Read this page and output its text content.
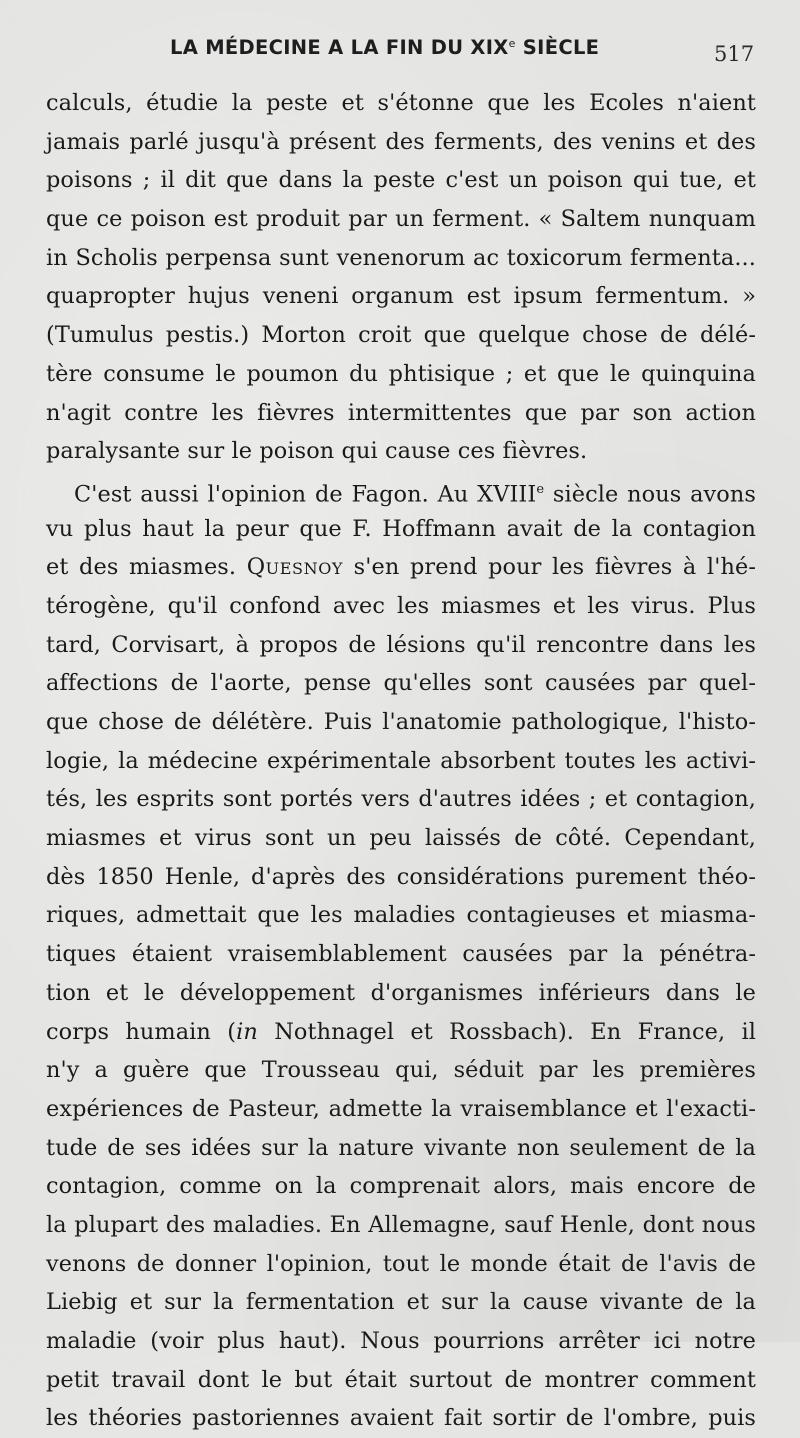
LA MÉDECINE A LA FIN DU XIXe SIÈCLE	517
calculs, étudie la peste et s'étonne que les Ecoles n'aient
jamais parlé jusqu'à présent des ferments, des venins et des
poisons ; il dit que dans la peste c'est un poison qui tue, et
que ce poison est produit par un ferment. « Saltem nunquam
in Scholis perpensa sunt venenorum ac toxicorum fermenta...
quapropter hujus veneni organum est ipsum fermentum. »
(Tumulus pestis.) Morton croit que quelque chose de délé-
tère consume le poumon du phtisique ; et que le quinquina
n'agit contre les fièvres intermittentes que par son action
paralysante sur le poison qui cause ces fièvres.
C'est aussi l'opinion de Fagon. Au XVIIIe siècle nous avons
vu plus haut la peur que F. Hoffmann avait de la contagion
et des miasmes. Quesnoy s'en prend pour les fièvres à l'hé-
térogène, qu'il confond avec les miasmes et les virus. Plus
tard, Corvisart, à propos de lésions qu'il rencontre dans les
affections de l'aorte, pense qu'elles sont causées par quel-
que chose de délétère. Puis l'anatomie pathologique, l'histo-
logie, la médecine expérimentale absorbent toutes les activi-
tés, les esprits sont portés vers d'autres idées ; et contagion,
miasmes et virus sont un peu laissés de côté. Cependant,
dès 1850 Henle, d'après des considérations purement théo-
riques, admettait que les maladies contagieuses et miasma-
tiques étaient vraisemblablement causées par la pénétra-
tion et le développement d'organismes inférieurs dans le
corps humain (in Nothnagel et Rossbach). En France, il
n'y a guère que Trousseau qui, séduit par les premières
expériences de Pasteur, admette la vraisemblance et l'exacti-
tude de ses idées sur la nature vivante non seulement de la
contagion, comme on la comprenait alors, mais encore de
la plupart des maladies. En Allemagne, sauf Henle, dont nous
venons de donner l'opinion, tout le monde était de l'avis de
Liebig et sur la fermentation et sur la cause vivante de la
maladie (voir plus haut). Nous pourrions arrêter ici notre
petit travail dont le but était surtout de montrer comment
les théories pastoriennes avaient fait sortir de l'ombre, puis
